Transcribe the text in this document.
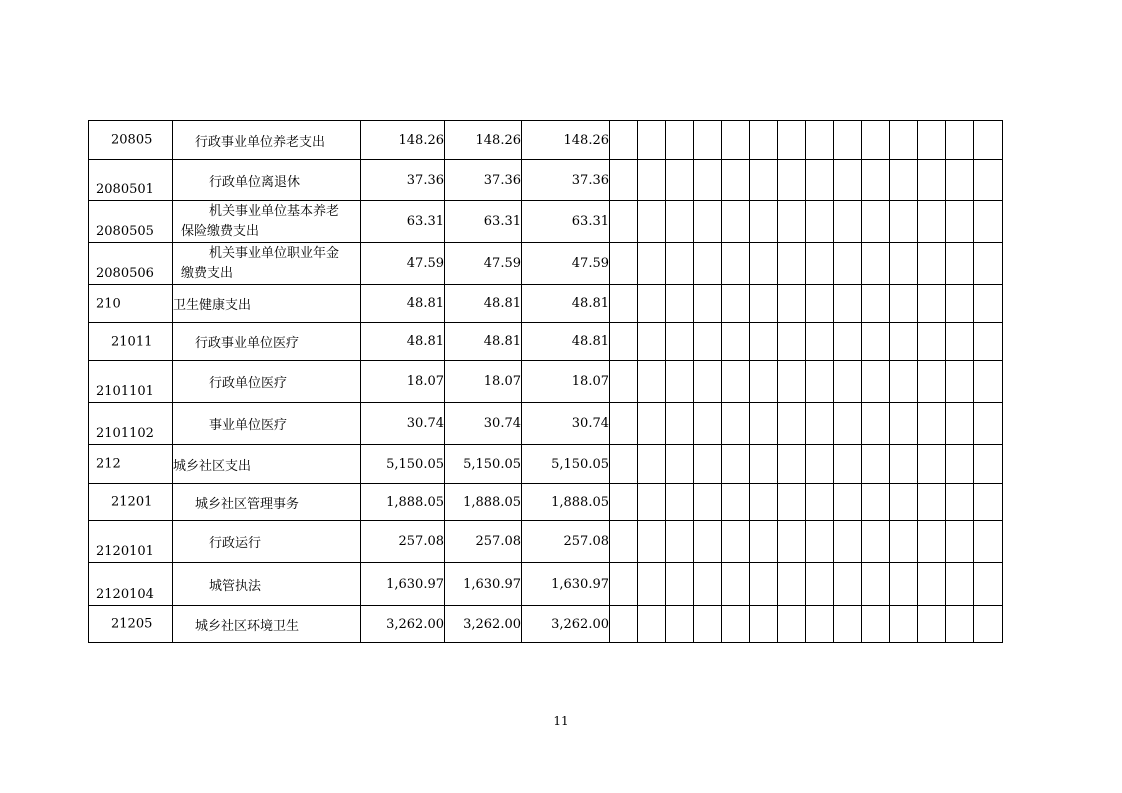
20805	行政事业单位养老支出	148.26	148.26	148.26														

2080501	行政单位离退休	37.36	37.36	37.36														

2080505	机关事业单位基本养老
保险缴费支出	63.31	63.31	63.31														

2080506	机关事业单位职业年金
缴费支出	47.59	47.59	47.59														

210	卫生健康支出	48.81	48.81	48.81														

21011	行政事业单位医疗	48.81	48.81	48.81														

2101101	行政单位医疗	18.07	18.07	18.07														

2101102	事业单位医疗	30.74	30.74	30.74														

212	城乡社区支出	5,150.05	5,150.05	5,150.05														

21201	城乡社区管理事务	1,888.05	1,888.05	1,888.05														

2120101	行政运行	257.08	257.08	257.08														

2120104	城管执法	1,630.97	1,630.97	1,630.97														

21205	城乡社区环境卫生	3,262.00	3,262.00	3,262.00														
11
